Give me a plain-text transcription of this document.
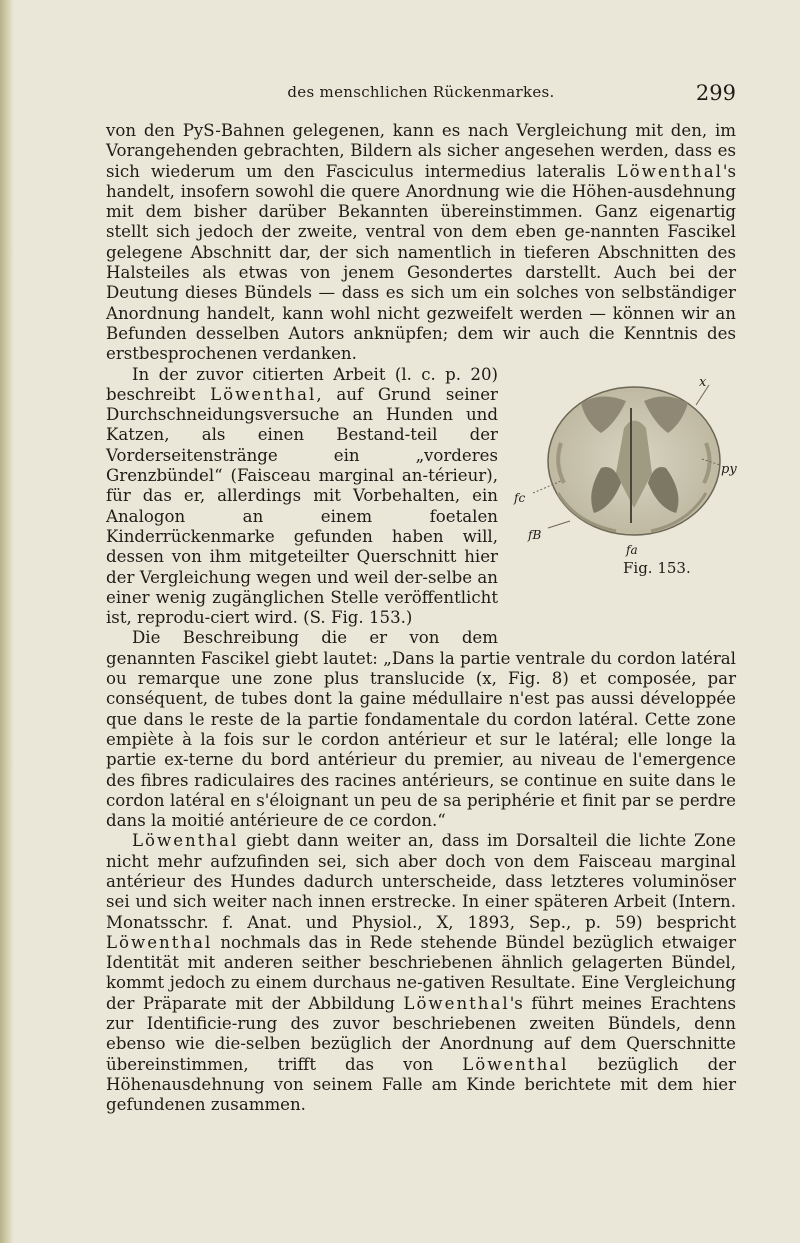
des menschlichen Rückenmarkes.	299

von den PyS-Bahnen gelegenen, kann es nach Vergleichung mit den, im Vorangehenden gebrachten, Bildern als sicher angesehen werden, dass es sich wiederum um den Fasciculus intermedius lateralis Löwenthal's handelt, insofern sowohl die quere Anordnung wie die Höhen-ausdehnung mit dem bisher darüber Bekannten übereinstimmen. Ganz eigenartig stellt sich jedoch der zweite, ventral von dem eben ge-nannten Fascikel gelegene Abschnitt dar, der sich namentlich in tieferen Abschnitten des Halsteiles als etwas von jenem Gesondertes darstellt. Auch bei der Deutung dieses Bündels — dass es sich um ein solches von selbständiger Anordnung handelt, kann wohl nicht gezweifelt werden — können wir an Befunden desselben Autors anknüpfen; dem wir auch die Kenntnis des erstbesprochenen verdanken.

x
py
fc
fB
fa
Fig. 153.

In der zuvor citierten Arbeit (l. c. p. 20) beschreibt Löwenthal, auf Grund seiner Durchschneidungsversuche an Hunden und Katzen, als einen Bestand-teil der Vorderseitenstränge ein „vorderes Grenzbündel“ (Faisceau marginal an-térieur), für das er, allerdings mit Vorbehalten, ein Analogon an einem foetalen Kinderrückenmarke gefunden haben will, dessen von ihm mitgeteilter Querschnitt hier der Vergleichung wegen und weil der-selbe an einer wenig zugänglichen Stelle veröffentlicht ist, reprodu-ciert wird. (S. Fig. 153.)

Die Beschreibung die er von dem genannten Fascikel giebt lautet: „Dans la partie ventrale du cordon latéral ou remarque une zone plus translucide (x, Fig. 8) et composée, par conséquent, de tubes dont la gaine médullaire n'est pas aussi développée que dans le reste de la partie fondamentale du cordon latéral. Cette zone empiète à la fois sur le cordon antérieur et sur le latéral; elle longe la partie ex-terne du bord antérieur du premier, au niveau de l'emergence des fibres radiculaires des racines antérieurs, se continue en suite dans le cordon latéral en s'éloignant un peu de sa periphérie et finit par se perdre dans la moitié antérieure de ce cordon.“

Löwenthal giebt dann weiter an, dass im Dorsalteil die lichte Zone nicht mehr aufzufinden sei, sich aber doch von dem Faisceau marginal antérieur des Hundes dadurch unterscheide, dass letzteres voluminöser sei und sich weiter nach innen erstrecke. In einer späteren Arbeit (Intern. Monatsschr. f. Anat. und Physiol., X, 1893, Sep., p. 59) bespricht Löwenthal nochmals das in Rede stehende Bündel bezüglich etwaiger Identität mit anderen seither beschriebenen ähnlich gelagerten Bündel, kommt jedoch zu einem durchaus ne-gativen Resultate. Eine Vergleichung der Präparate mit der Abbildung Löwenthal's führt meines Erachtens zur Identificie-rung des zuvor beschriebenen zweiten Bündels, denn ebenso wie die-selben bezüglich der Anordnung auf dem Querschnitte übereinstimmen, trifft das von Löwenthal bezüglich der Höhenausdehnung von seinem Falle am Kinde berichtete mit dem hier gefundenen zusammen.
